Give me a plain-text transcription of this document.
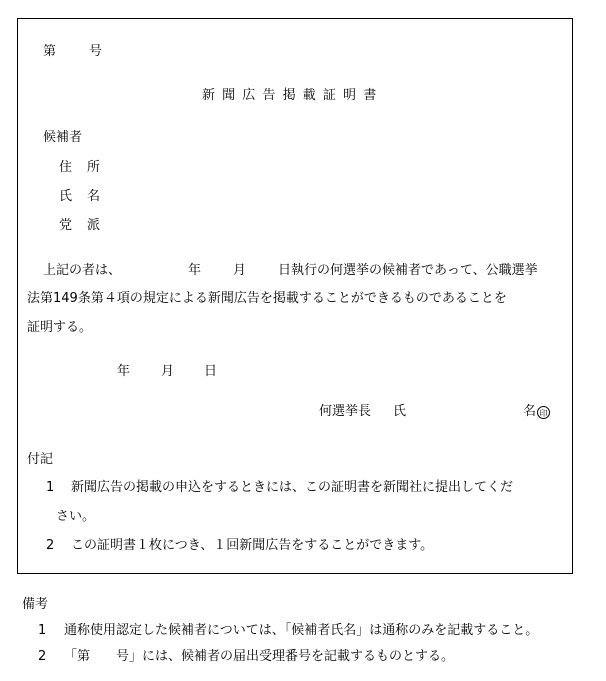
第	号
新聞広告掲載証明書
候補者
住 所
氏 名
党 派
上記の者は、	年 月 日執行の何選挙の候補者であって、公職選挙
法第149条第４項の規定による新聞広告を掲載することができるものであることを
証明する。
年 月 日
何選挙長 氏	名 印
付記
1 新聞広告の掲載の申込をするときには、この証明書を新聞社に提出してくだ
さい。
2 この証明書１枚につき、１回新聞広告をすることができます。
備考
1 通称使用認定した候補者については、「候補者氏名」は通称のみを記載すること。
2 「第　　号」には、候補者の届出受理番号を記載するものとする。
